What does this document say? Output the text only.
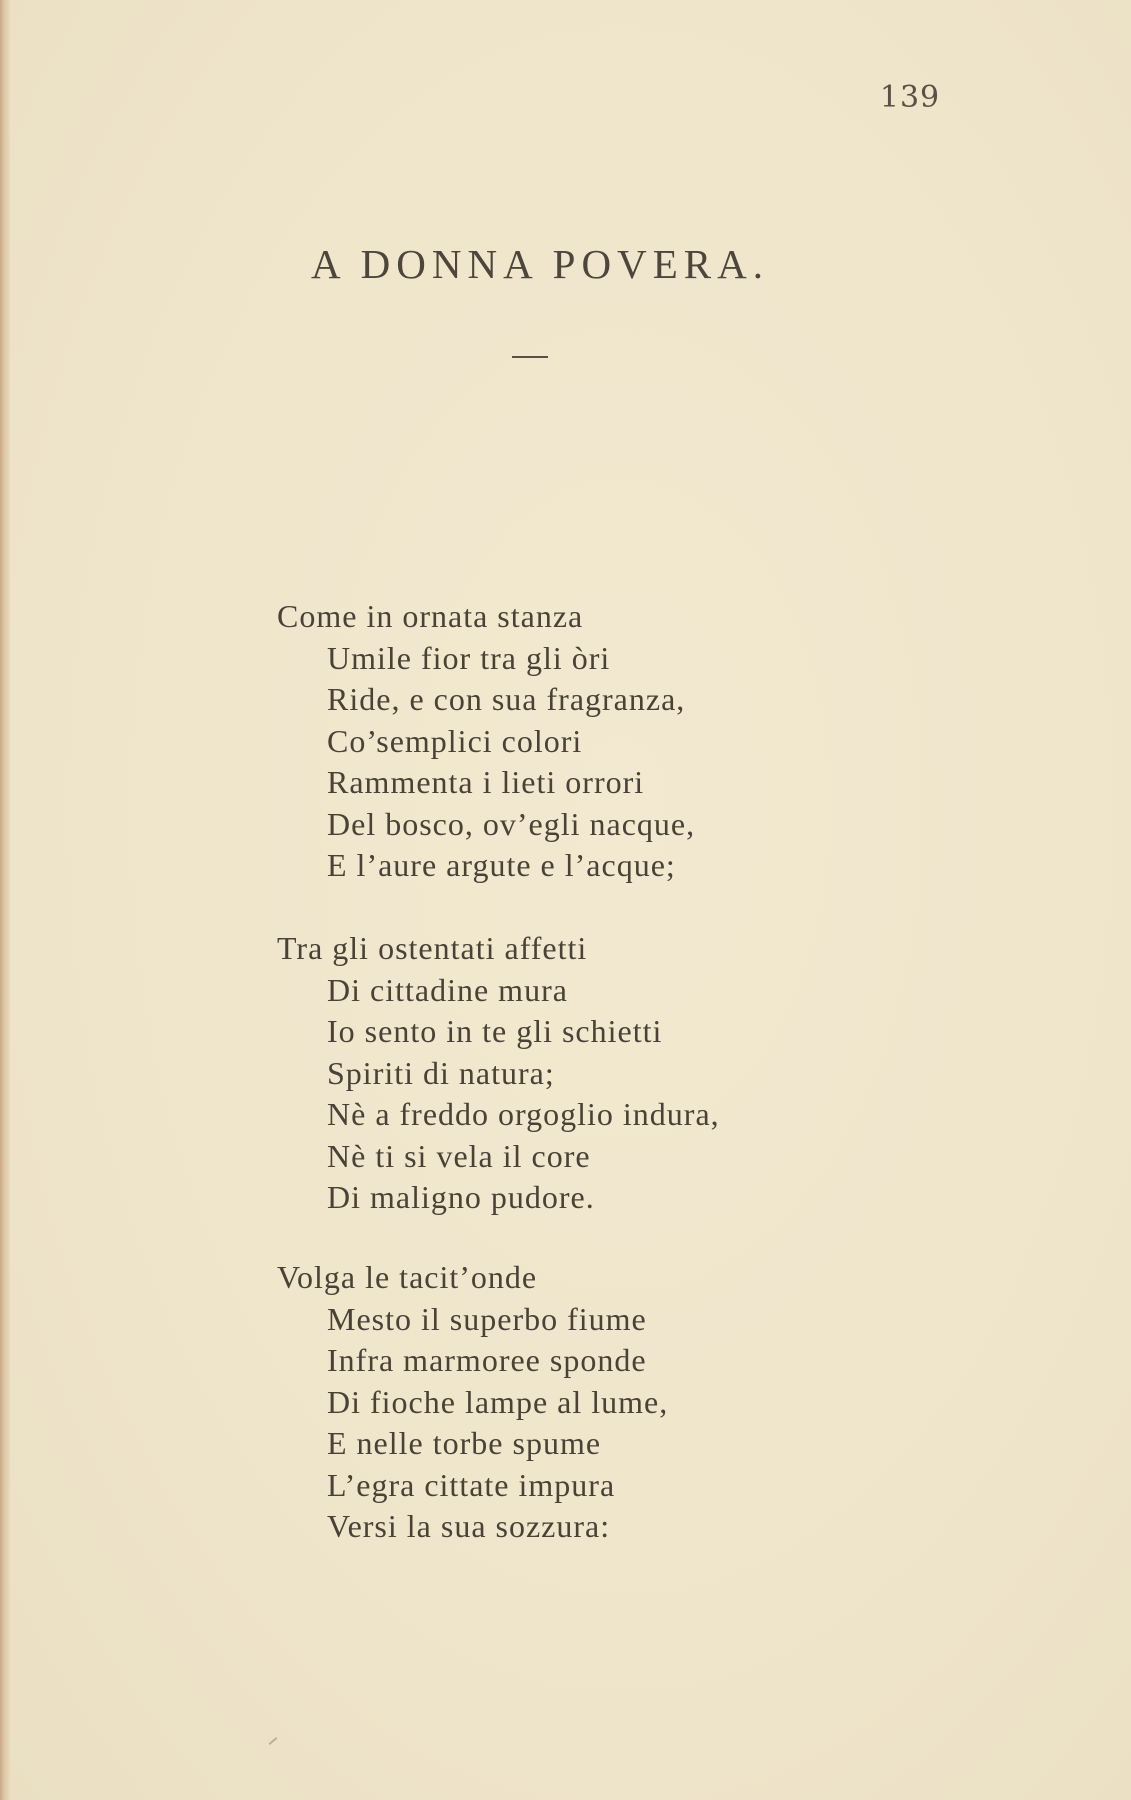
139
A DONNA POVERA.
Come in ornata stanza
Umile fior tra gli òri
Ride, e con sua fragranza,
Co’semplici colori
Rammenta i lieti orrori
Del bosco, ov’egli nacque,
E l’aure argute e l’acque;
Tra gli ostentati affetti
Di cittadine mura
Io sento in te gli schietti
Spiriti di natura;
Nè a freddo orgoglio indura,
Nè ti si vela il core
Di maligno pudore.
Volga le tacit’onde
Mesto il superbo fiume
Infra marmoree sponde
Di fioche lampe al lume,
E nelle torbe spume
L’egra cittate impura
Versi la sua sozzura:
